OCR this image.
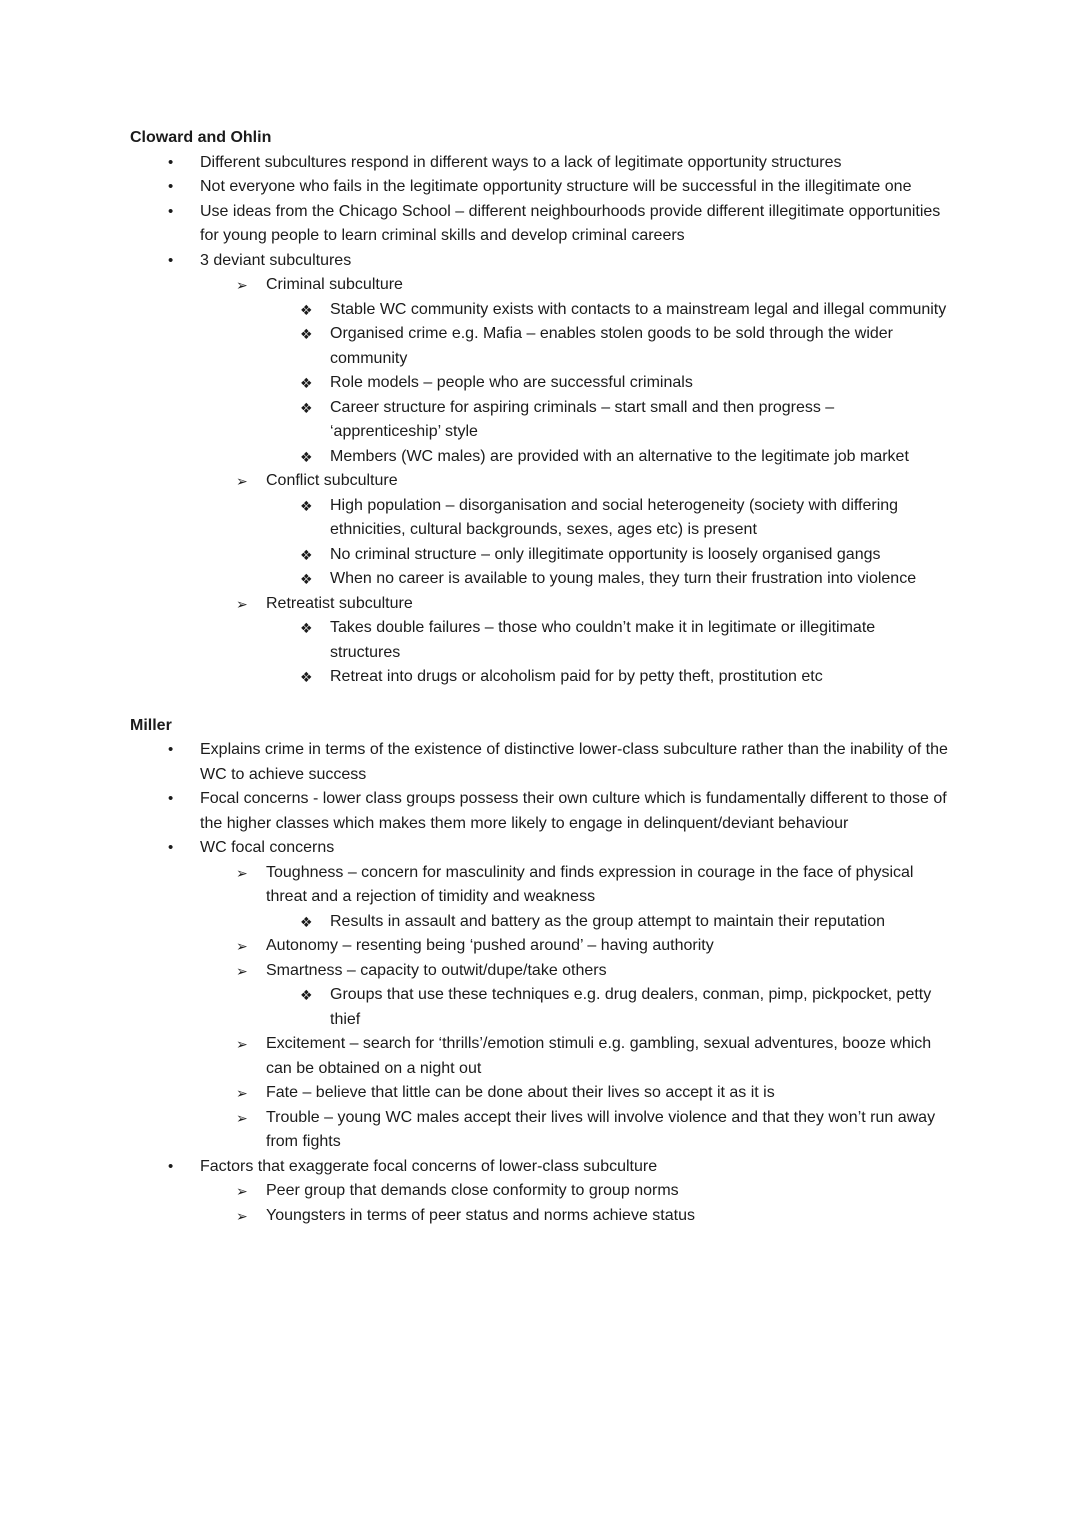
Cloward and Ohlin
•	Different subcultures respond in different ways to a lack of legitimate opportunity structures
•	Not everyone who fails in the legitimate opportunity structure will be successful in the illegitimate one
•	Use ideas from the Chicago School – different neighbourhoods provide different illegitimate opportunities for young people to learn criminal skills and develop criminal careers
•	3 deviant subcultures
➢	Criminal subculture
❖	Stable WC community exists with contacts to a mainstream legal and illegal community
❖	Organised crime e.g. Mafia – enables stolen goods to be sold through the wider community
❖	Role models – people who are successful criminals
❖	Career structure for aspiring criminals – start small and then progress – ‘apprenticeship’ style
❖	Members (WC males) are provided with an alternative to the legitimate job market
➢	Conflict subculture
❖	High population – disorganisation and social heterogeneity (society with differing ethnicities, cultural backgrounds, sexes, ages etc) is present
❖	No criminal structure – only illegitimate opportunity is loosely organised gangs
❖	When no career is available to young males, they turn their frustration into violence
➢	Retreatist subculture
❖	Takes double failures – those who couldn’t make it in legitimate or illegitimate structures
❖	Retreat into drugs or alcoholism paid for by petty theft, prostitution etc
Miller
•	Explains crime in terms of the existence of distinctive lower-class subculture rather than the inability of the WC to achieve success
•	Focal concerns - lower class groups possess their own culture which is fundamentally different to those of the higher classes which makes them more likely to engage in delinquent/deviant behaviour
•	WC focal concerns
➢	Toughness – concern for masculinity and finds expression in courage in the face of physical threat and a rejection of timidity and weakness
❖	Results in assault and battery as the group attempt to maintain their reputation
➢	Autonomy – resenting being ‘pushed around’ – having authority
➢	Smartness – capacity to outwit/dupe/take others
❖	Groups that use these techniques e.g. drug dealers, conman, pimp, pickpocket, petty thief
➢	Excitement – search for ‘thrills’/emotion stimuli e.g. gambling, sexual adventures, booze which can be obtained on a night out
➢	Fate – believe that little can be done about their lives so accept it as it is
➢	Trouble – young WC males accept their lives will involve violence and that they won’t run away from fights
•	Factors that exaggerate focal concerns of lower-class subculture
➢	Peer group that demands close conformity to group norms
➢	Youngsters in terms of peer status and norms achieve status
